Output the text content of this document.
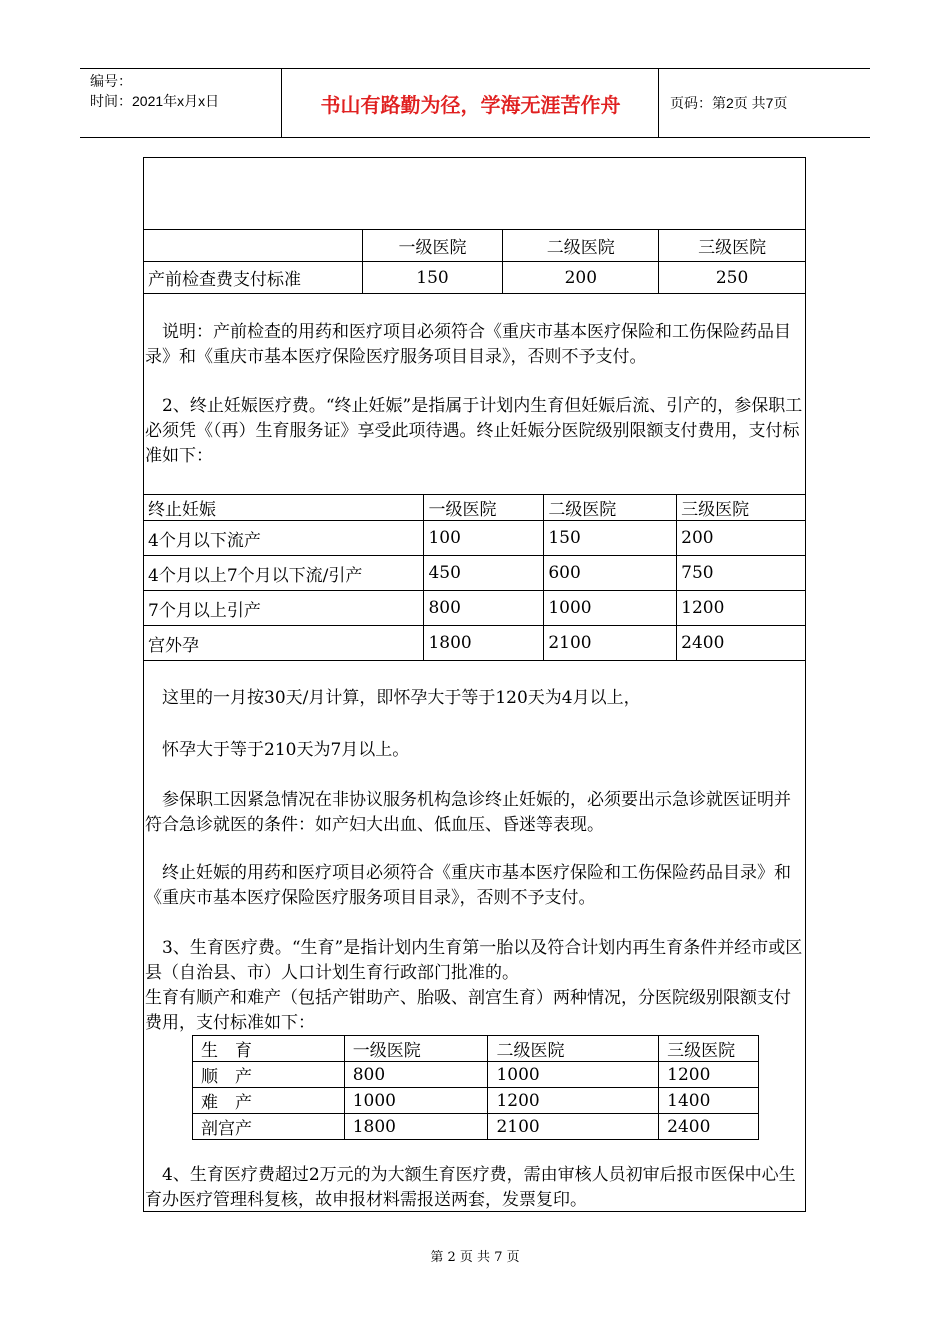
编号：
时间：2021年x月x日	书山有路勤为径，学海无涯苦作舟	页码：第2页 共7页
	一级医院	二级医院	三级医院
产前检查费支付标准	150	200	250

说明：产前检查的用药和医疗项目必须符合《重庆市基本医疗保险和工伤保险药品目录》和《重庆市基本医疗保险医疗服务项目目录》，否则不予支付。

2、终止妊娠医疗费。“终止妊娠”是指属于计划内生育但妊娠后流、引产的，参保职工必须凭《（再）生育服务证》享受此项待遇。终止妊娠分医院级别限额支付费用，支付标准如下：

终止妊娠	一级医院	二级医院	三级医院
4个月以下流产	100	150	200
4个月以上7个月以下流/引产	450	600	750
7个月以上引产	800	1000	1200
宫外孕	1800	2100	2400

这里的一月按30天/月计算，即怀孕大于等于120天为4月以上，

怀孕大于等于210天为7月以上。

参保职工因紧急情况在非协议服务机构急诊终止妊娠的，必须要出示急诊就医证明并符合急诊就医的条件：如产妇大出血、低血压、昏迷等表现。

终止妊娠的用药和医疗项目必须符合《重庆市基本医疗保险和工伤保险药品目录》和《重庆市基本医疗保险医疗服务项目目录》，否则不予支付。

3、生育医疗费。“生育”是指计划内生育第一胎以及符合计划内再生育条件并经市或区县（自治县、市）人口计划生育行政部门批准的。

生育有顺产和难产（包括产钳助产、胎吸、剖宫生育）两种情况，分医院级别限额支付费用，支付标准如下：

生　育	一级医院	二级医院	三级医院
顺　产	800	1000	1200
难　产	1000	1200	1400
剖宫产	1800	2100	2400

4、生育医疗费超过2万元的为大额生育医疗费，需由审核人员初审后报市医保中心生育办医疗管理科复核，故申报材料需报送两套，发票复印。

第 2 页 共 7 页
